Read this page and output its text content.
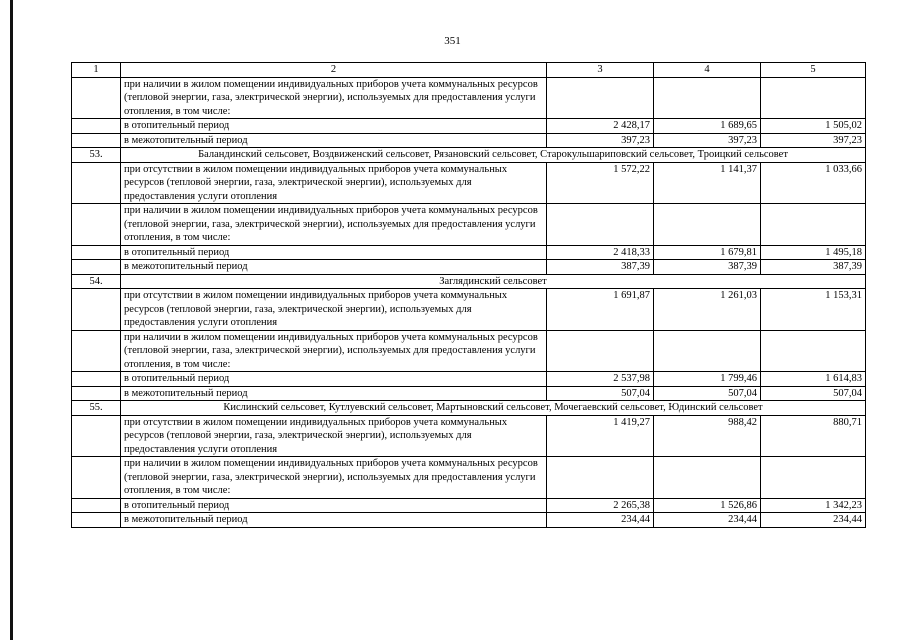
351
1	2	3	4	5
	при наличии в жилом помещении индивидуальных приборов учета коммунальных ресурсов (тепловой энергии, газа, электрической энергии), используемых для предоставления услуги отопления, в том числе:			
	в отопительный период	2 428,17	1 689,65	1 505,02
	в межотопительный период	397,23	397,23	397,23
53.	Баландинский сельсовет, Воздвиженский сельсовет, Рязановский сельсовет, Старокульшариповский сельсовет, Троицкий сельсовет			
	при отсутствии в жилом помещении индивидуальных приборов учета коммунальных ресурсов (тепловой энергии, газа, электрической энергии), используемых для предоставления услуги отопления	1 572,22	1 141,37	1 033,66
	при наличии в жилом помещении индивидуальных приборов учета коммунальных ресурсов (тепловой энергии, газа, электрической энергии), используемых для предоставления услуги отопления, в том числе:			
	в отопительный период	2 418,33	1 679,81	1 495,18
	в межотопительный период	387,39	387,39	387,39
54.	Заглядинский сельсовет			
	при отсутствии в жилом помещении индивидуальных приборов учета коммунальных ресурсов (тепловой энергии, газа, электрической энергии), используемых для предоставления услуги отопления	1 691,87	1 261,03	1 153,31
	при наличии в жилом помещении индивидуальных приборов учета коммунальных ресурсов (тепловой энергии, газа, электрической энергии), используемых для предоставления услуги отопления, в том числе:			
	в отопительный период	2 537,98	1 799,46	1 614,83
	в межотопительный период	507,04	507,04	507,04
55.	Кислинский сельсовет, Кутлуевский сельсовет, Мартыновский сельсовет, Мочегаевский сельсовет, Юдинский сельсовет			
	при отсутствии в жилом помещении индивидуальных приборов учета коммунальных ресурсов (тепловой энергии, газа, электрической энергии), используемых для предоставления услуги отопления	1 419,27	988,42	880,71
	при наличии в жилом помещении индивидуальных приборов учета коммунальных ресурсов (тепловой энергии, газа, электрической энергии), используемых для предоставления услуги отопления, в том числе:			
	в отопительный период	2 265,38	1 526,86	1 342,23
	в межотопительный период	234,44	234,44	234,44
